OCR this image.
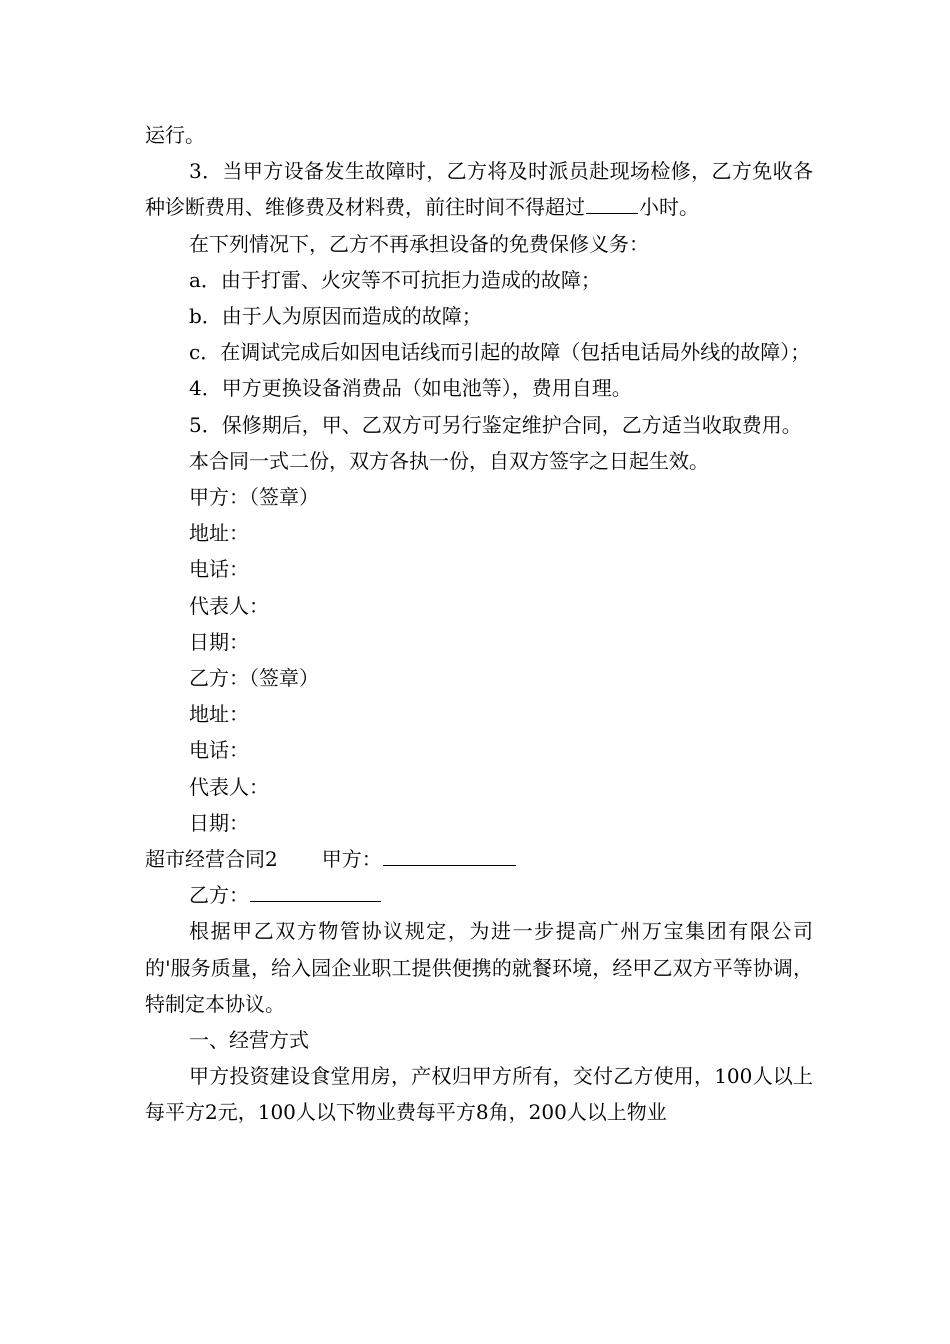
运行。

3．当甲方设备发生故障时，乙方将及时派员赴现场检修，乙方免收各种诊断费用、维修费及材料费，前往时间不得超过	小时。

在下列情况下，乙方不再承担设备的免费保修义务：

a．由于打雷、火灾等不可抗拒力造成的故障；

b．由于人为原因而造成的故障；

c．在调试完成后如因电话线而引起的故障（包括电话局外线的故障）；

4．甲方更换设备消费品（如电池等），费用自理。

5．保修期后，甲、乙双方可另行鉴定维护合同，乙方适当收取费用。

本合同一式二份，双方各执一份，自双方签字之日起生效。

甲方：（签章）

地址：

电话：

代表人：

日期：

乙方：（签章）

地址：

电话：

代表人：

日期：

超市经营合同2 甲方：

乙方：

根据甲乙双方物管协议规定，为进一步提高广州万宝集团有限公司的'服务质量，给入园企业职工提供便携的就餐环境，经甲乙双方平等协调，特制定本协议。

一、经营方式

甲方投资建设食堂用房，产权归甲方所有，交付乙方使用，100人以上每平方2元，100人以下物业费每平方8角，200人以上物业
